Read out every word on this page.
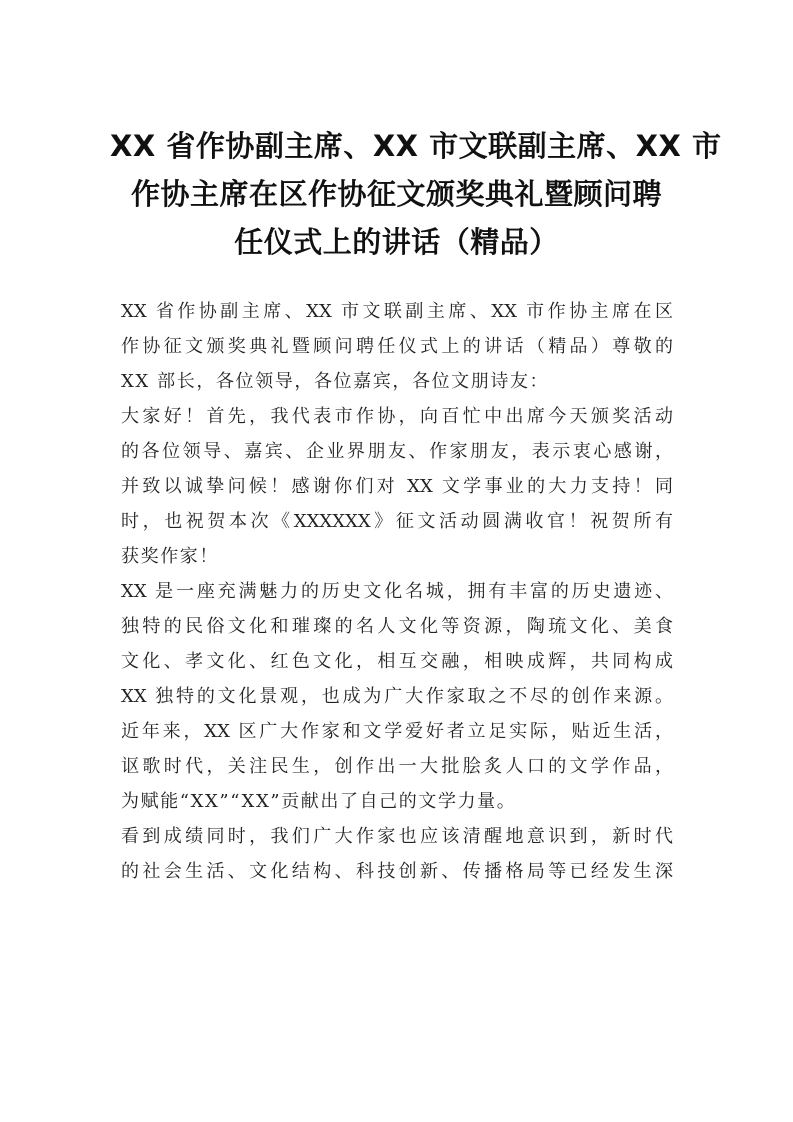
XX 省作协副主席、XX 市文联副主席、XX 市
作协主席在区作协征文颁奖典礼暨顾问聘
任仪式上的讲话（精品）
XX 省作协副主席、XX 市文联副主席、XX 市作协主席在区
作协征文颁奖典礼暨顾问聘任仪式上的讲话（精品）尊敬的
XX 部长，各位领导，各位嘉宾，各位文朋诗友：
大家好！首先，我代表市作协，向百忙中出席今天颁奖活动
的各位领导、嘉宾、企业界朋友、作家朋友，表示衷心感谢，
并致以诚挚问候！感谢你们对 XX 文学事业的大力支持！同
时，也祝贺本次《XXXXXX》征文活动圆满收官！祝贺所有
获奖作家！
XX 是一座充满魅力的历史文化名城，拥有丰富的历史遗迹、
独特的民俗文化和璀璨的名人文化等资源，陶琉文化、美食
文化、孝文化、红色文化，相互交融，相映成辉，共同构成
XX 独特的文化景观，也成为广大作家取之不尽的创作来源。
近年来，XX 区广大作家和文学爱好者立足实际，贴近生活，
讴歌时代，关注民生，创作出一大批脍炙人口的文学作品，
为赋能“XX”“XX”贡献出了自己的文学力量。
看到成绩同时，我们广大作家也应该清醒地意识到，新时代
的社会生活、文化结构、科技创新、传播格局等已经发生深
